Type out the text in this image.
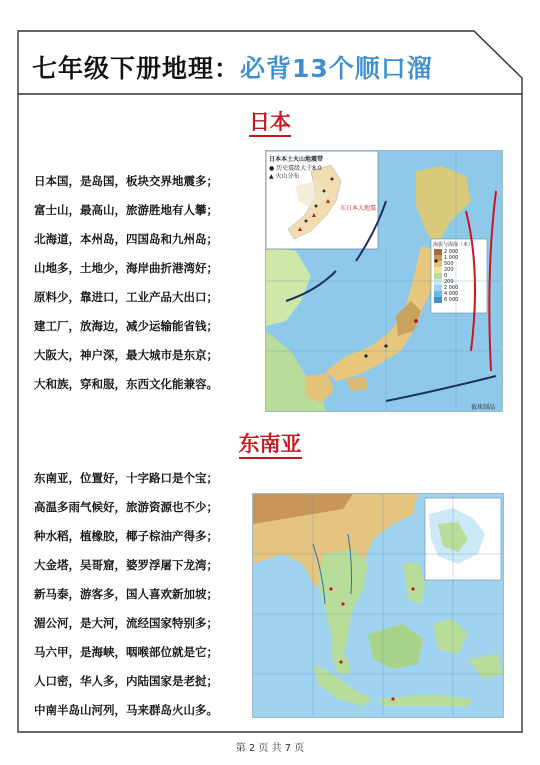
七年级下册地理： 必背13个顺口溜
日本
日本国，是岛国，板块交界地震多；
富士山，最高山，旅游胜地有人攀；
北海道，本州岛，四国岛和九州岛；
山地多，土地少，海岸曲折港湾好；
原料少，靠进口，工业产品大出口；
建工厂，放海边，减少运输能省钱；
大阪大，神户深，最大城市是东京；
大和族，穿和服，东西文化能兼容。
日本本土火山地震带
● 历史震级大于8.0
▲ 火山分布
东日本大地震
海拔与海深（米）
2 000
1 000
500
200
0
200
2 000
4 000
6 000
彼球制品
东南亚
东南亚，位置好，十字路口是个宝；
高温多雨气候好，旅游资源也不少；
种水稻，植橡胶，椰子棕油产得多；
大金塔，吴哥窟，婆罗浮屠下龙湾；
新马泰，游客多，国人喜欢新加坡；
湄公河，是大河，流经国家特别多；
马六甲，是海峡，咽喉部位就是它；
人口密，华人多，内陆国家是老挝；
中南半岛山河列，马来群岛火山多。
第 2 页 共 7 页
